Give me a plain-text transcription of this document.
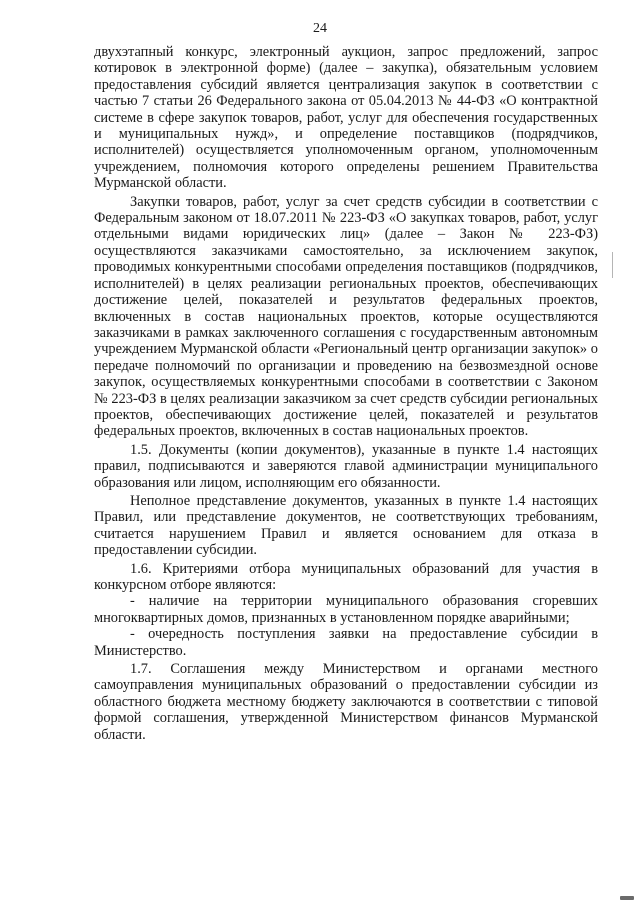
24

двухэтапный конкурс, электронный аукцион, запрос предложений, запрос котировок в электронной форме) (далее – закупка), обязательным условием предоставления субсидий является централизация закупок в соответствии с частью 7 статьи 26 Федерального закона от 05.04.2013 № 44-ФЗ «О контрактной системе в сфере закупок товаров, работ, услуг для обеспечения государственных и муниципальных нужд», и определение поставщиков (подрядчиков, исполнителей) осуществляется уполномоченным органом, уполномоченным учреждением, полномочия которого определены решением Правительства Мурманской области.

Закупки товаров, работ, услуг за счет средств субсидии в соответствии с Федеральным законом от 18.07.2011 № 223-ФЗ «О закупках товаров, работ, услуг отдельными видами юридических лиц» (далее – Закон № 223-ФЗ) осуществляются заказчиками самостоятельно, за исключением закупок, проводимых конкурентными способами определения поставщиков (подрядчиков, исполнителей) в целях реализации региональных проектов, обеспечивающих достижение целей, показателей и результатов федеральных проектов, включенных в состав национальных проектов, которые осуществляются заказчиками в рамках заключенного соглашения с государственным автономным учреждением Мурманской области «Региональный центр организации закупок» о передаче полномочий по организации и проведению на безвозмездной основе закупок, осуществляемых конкурентными способами в соответствии с Законом № 223-ФЗ в целях реализации заказчиком за счет средств субсидии региональных проектов, обеспечивающих достижение целей, показателей и результатов федеральных проектов, включенных в состав национальных проектов.

1.5. Документы (копии документов), указанные в пункте 1.4 настоящих правил, подписываются и заверяются главой администрации муниципального образования или лицом, исполняющим его обязанности.

Неполное представление документов, указанных в пункте 1.4 настоящих Правил, или представление документов, не соответствующих требованиям, считается нарушением Правил и является основанием для отказа в предоставлении субсидии.

1.6. Критериями отбора муниципальных образований для участия в конкурсном отборе являются:

- наличие на территории муниципального образования сгоревших многоквартирных домов, признанных в установленном порядке аварийными;

- очередность поступления заявки на предоставление субсидии в Министерство.

1.7. Соглашения между Министерством и органами местного самоуправления муниципальных образований о предоставлении субсидии из областного бюджета местному бюджету заключаются в соответствии с типовой формой соглашения, утвержденной Министерством финансов Мурманской области.
